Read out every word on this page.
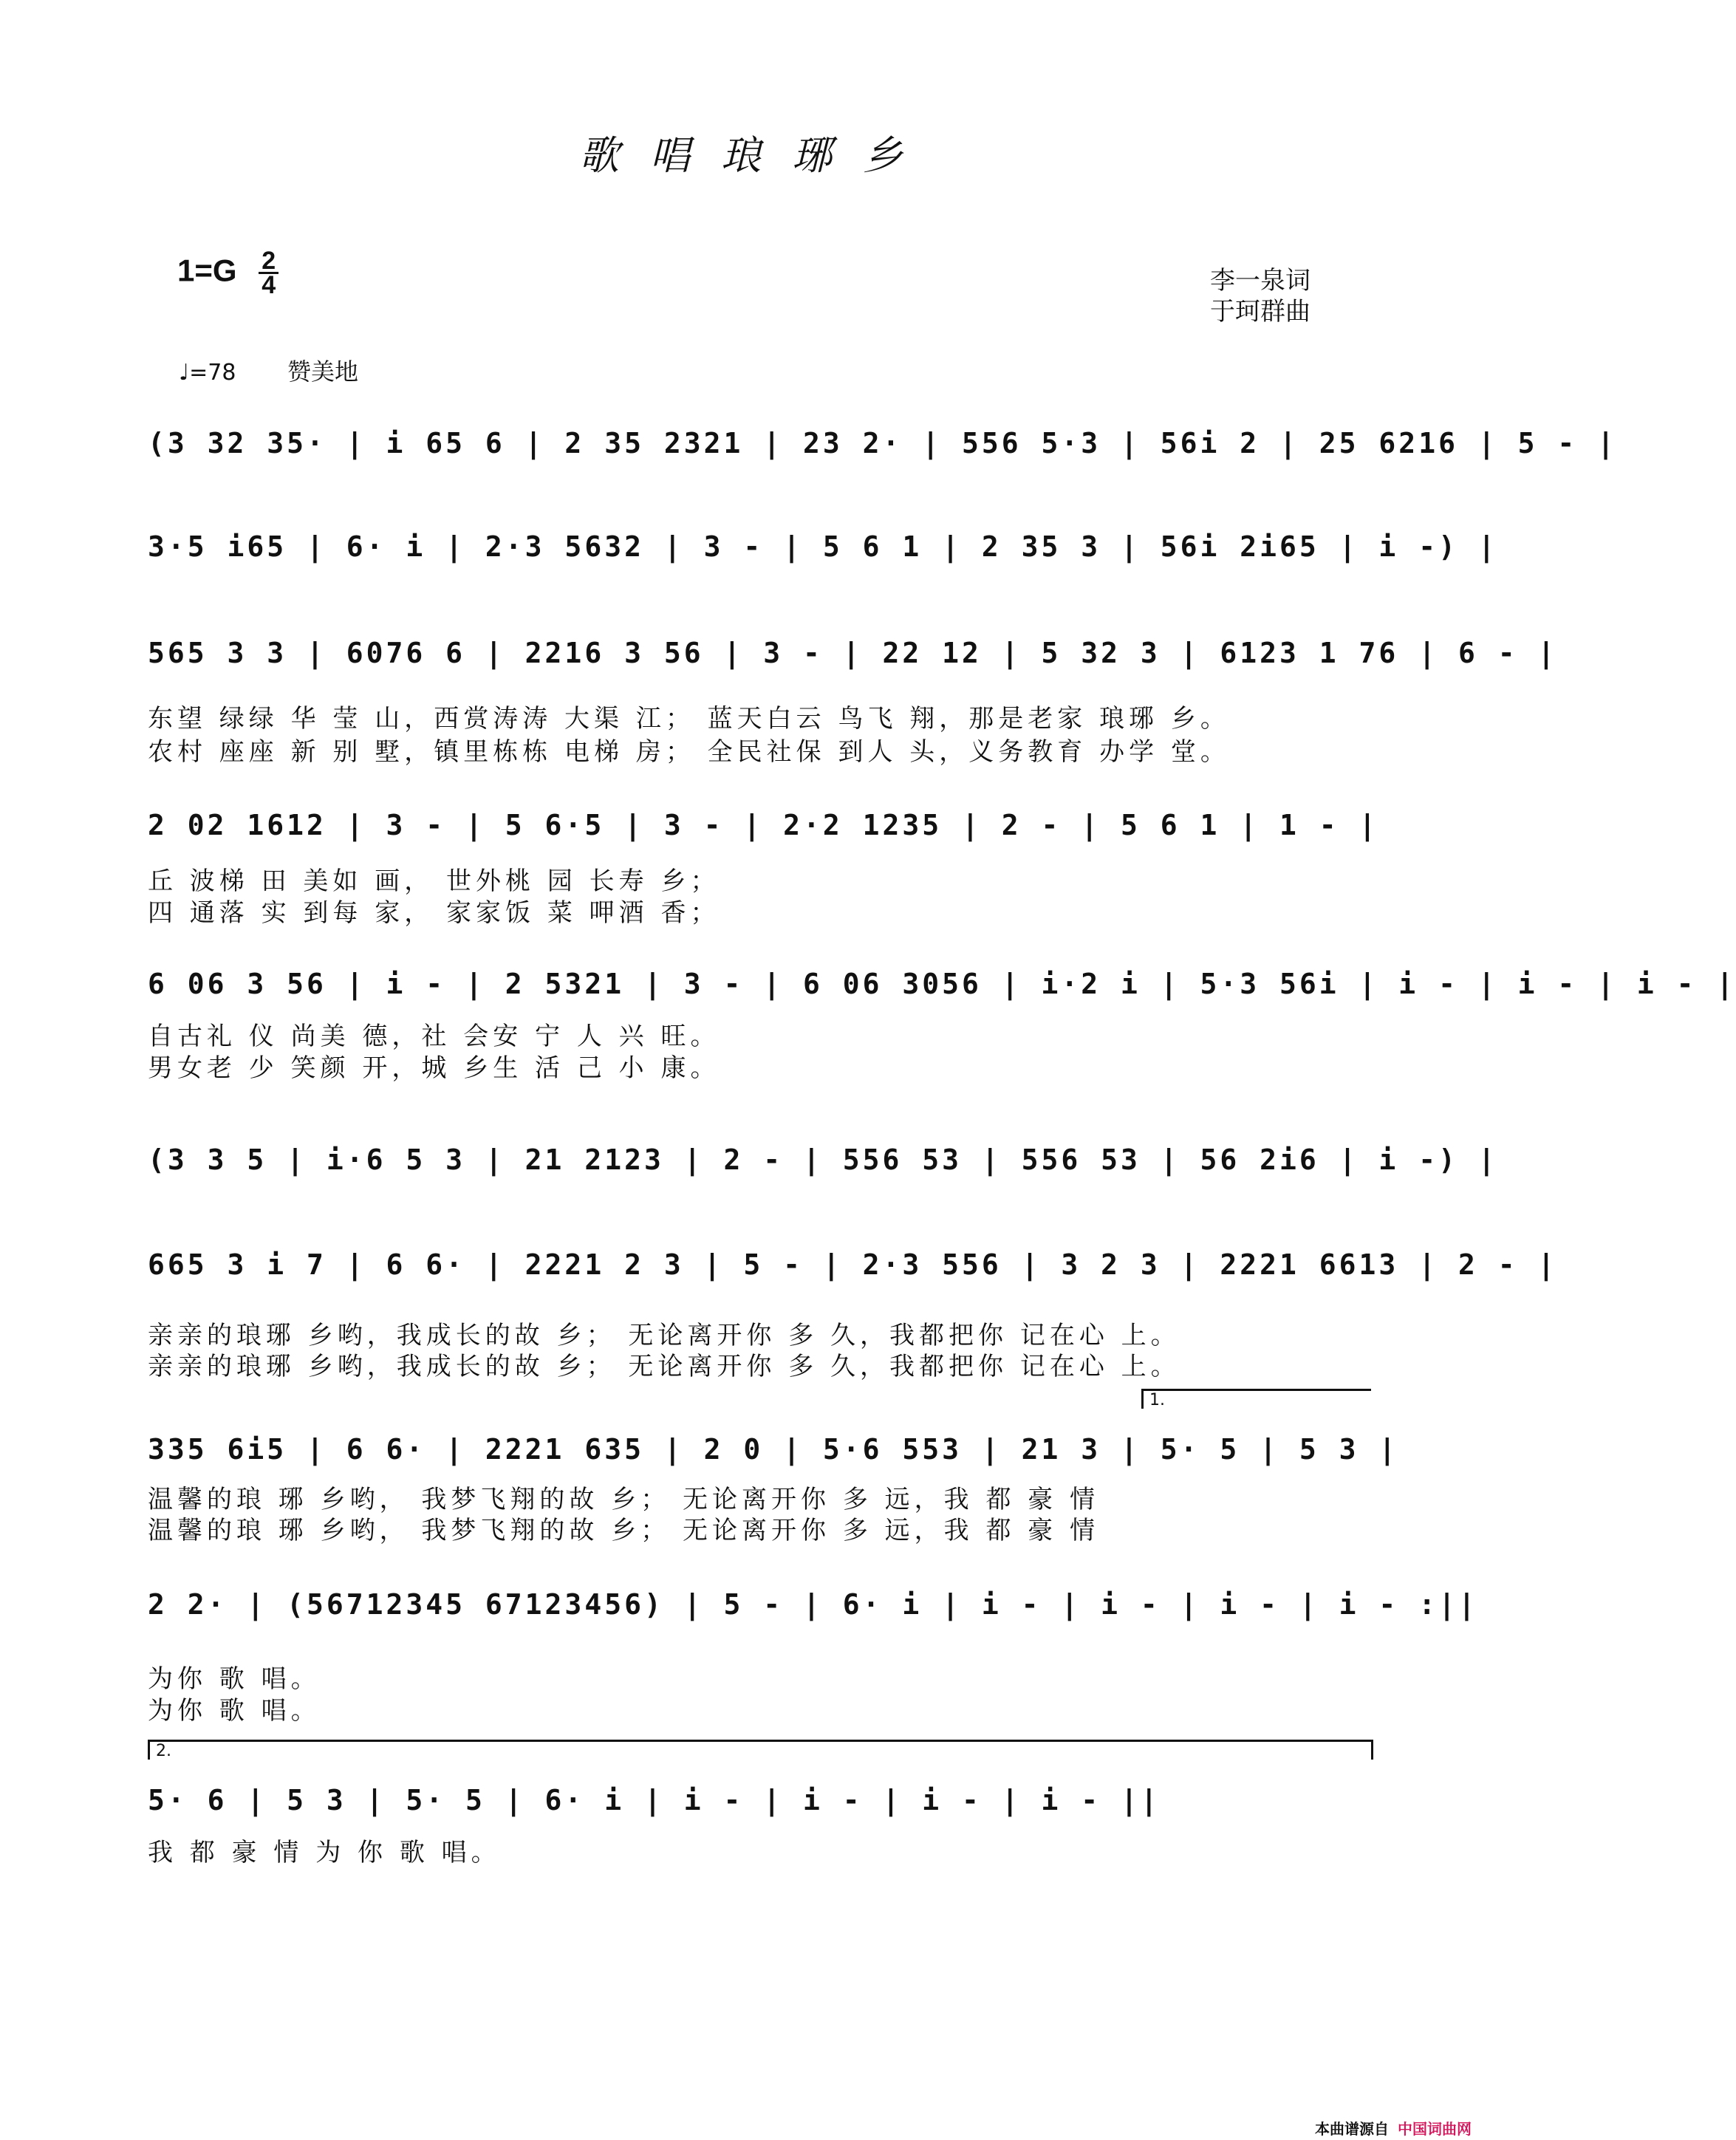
歌唱琅琊乡
$1=G \frac{2}{4}$	李一泉词
于珂群曲
♩=78 赞美地
(3 32 35· | i 65 6 | 2 35 2321 | 23 2· | 556 5·3 | 56i 2 | 25 6216 | 5 - |
3·5 i65 | 6· i | 2·3 5632 | 3 - | 5 6 1 | 2 35 3 | 56i 2i65 | i -) |
565 3 3 | 6076 6 | 2216 3 56 | 3 - | 22 12 | 5 32 3 | 6123 1 76 | 6 - |
东望 绿绿 华 莹 山，西赏涛涛 大渠 江； 蓝天白云 鸟飞 翔，那是老家 琅琊 乡。
农村 座座 新 别 墅，镇里栋栋 电梯 房； 全民社保 到人 头，义务教育 办学 堂。
2 02 1612 | 3 - | 5 6·5 | 3 - | 2·2 1235 | 2 - | 5 6 1 | 1 - |
丘 波梯 田 美如 画， 世外桃 园 长寿 乡；
四 通落 实 到每 家， 家家饭 菜 呷酒 香；
6 06 3 56 | i - | 2 5321 | 3 - | 6 06 3056 | i·2 i | 5·3 56i | i - | i - | i - |
自古礼 仪 尚美 德，社 会安 宁 人 兴 旺。
男女老 少 笑颜 开，城 乡生 活 己 小 康。
(3 3 5 | i·6 5 3 | 21 2123 | 2 - | 556 53 | 556 53 | 56 2i6 | i -) |
665 3 i 7 | 6 6· | 2221 2 3 | 5 - | 2·3 556 | 3 2 3 | 2221 6613 | 2 - |
亲亲的琅琊 乡哟，我成长的故 乡； 无论离开你 多 久，我都把你 记在心 上。
亲亲的琅琊 乡哟，我成长的故 乡； 无论离开你 多 久，我都把你 记在心 上。
1.
335 6i5 | 6 6· | 2221 635 | 2 0 | 5·6 553 | 21 3 | 5· 5 | 5 3 |
温馨的琅 琊 乡哟， 我梦飞翔的故 乡； 无论离开你 多 远，我 都 豪 情
温馨的琅 琊 乡哟， 我梦飞翔的故 乡； 无论离开你 多 远，我 都 豪 情
2 2· | (56712345 67123456) | 5 - | 6· i | i - | i - | i - | i - :||
为你 歌 唱。
为你 歌 唱。
2.
5· 6 | 5 3 | 5· 5 | 6· i | i - | i - | i - | i - ||
我 都 豪 情 为 你 歌 唱。
本曲谱源自 中国词曲网
